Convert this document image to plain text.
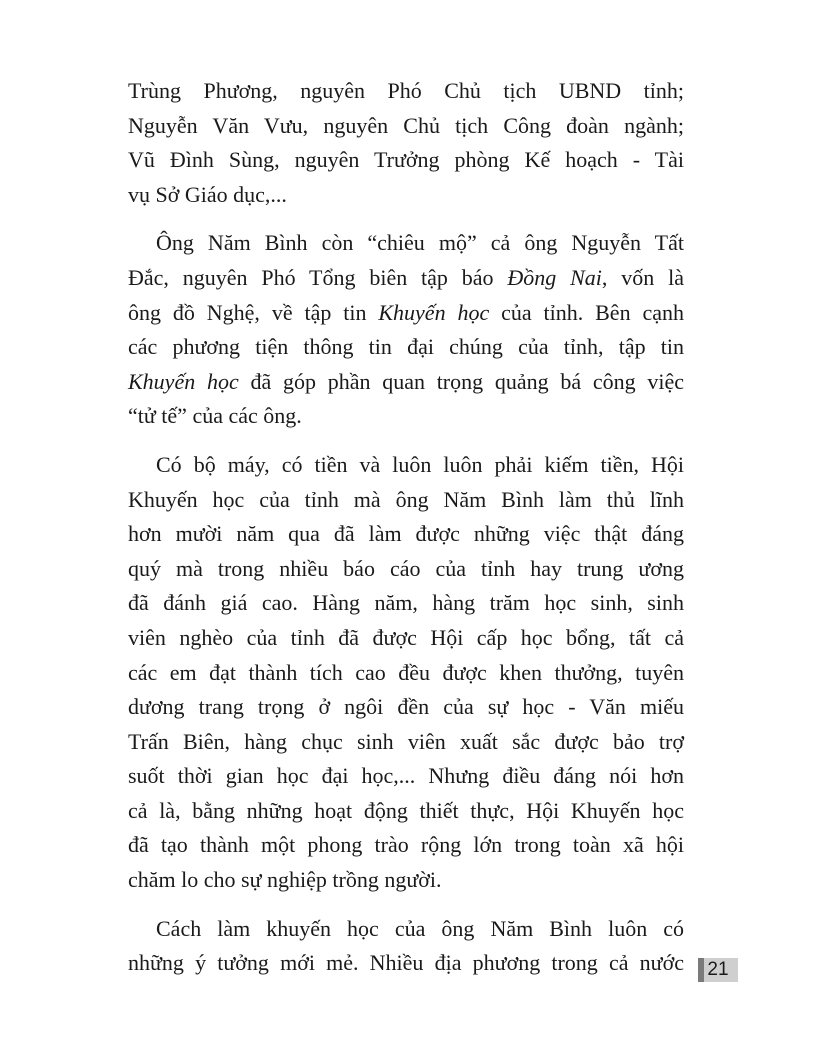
Trùng Phương, nguyên Phó Chủ tịch UBND tỉnh;
Nguyễn Văn Vưu, nguyên Chủ tịch Công đoàn ngành;
Vũ Đình Sùng, nguyên Trưởng phòng Kế hoạch - Tài
vụ Sở Giáo dục,...
Ông Năm Bình còn “chiêu mộ” cả ông Nguyễn Tất
Đắc, nguyên Phó Tổng biên tập báo Đồng Nai, vốn là
ông đồ Nghệ, về tập tin Khuyến học của tỉnh. Bên cạnh
các phương tiện thông tin đại chúng của tỉnh, tập tin
Khuyến học đã góp phần quan trọng quảng bá công việc
“tử tế” của các ông.
Có bộ máy, có tiền và luôn luôn phải kiếm tiền, Hội
Khuyến học của tỉnh mà ông Năm Bình làm thủ lĩnh
hơn mười năm qua đã làm được những việc thật đáng
quý mà trong nhiều báo cáo của tỉnh hay trung ương
đã đánh giá cao. Hàng năm, hàng trăm học sinh, sinh
viên nghèo của tỉnh đã được Hội cấp học bổng, tất cả
các em đạt thành tích cao đều được khen thưởng, tuyên
dương trang trọng ở ngôi đền của sự học - Văn miếu
Trấn Biên, hàng chục sinh viên xuất sắc được bảo trợ
suốt thời gian học đại học,... Nhưng điều đáng nói hơn
cả là, bằng những hoạt động thiết thực, Hội Khuyến học
đã tạo thành một phong trào rộng lớn trong toàn xã hội
chăm lo cho sự nghiệp trồng người.
Cách làm khuyến học của ông Năm Bình luôn có
những ý tưởng mới mẻ. Nhiều địa phương trong cả nước	21
